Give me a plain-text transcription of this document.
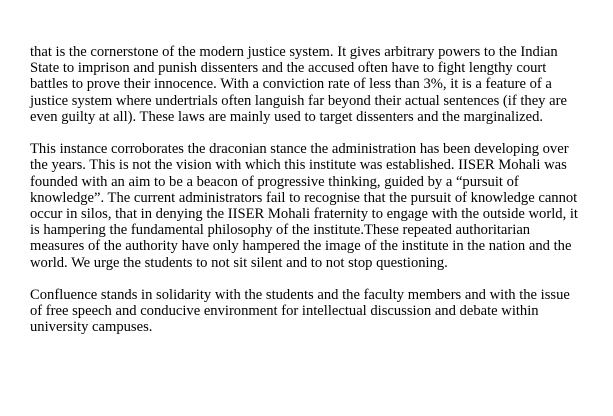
that is the cornerstone of the modern justice system. It gives arbitrary powers to the Indian
State to imprison and punish dissenters and the accused often have to fight lengthy court
battles to prove their innocence. With a conviction rate of less than 3%, it is a feature of a
justice system where undertrials often languish far beyond their actual sentences (if they are
even guilty at all). These laws are mainly used to target dissenters and the marginalized.

This instance corroborates the draconian stance the administration has been developing over
the years. This is not the vision with which this institute was established. IISER Mohali was
founded with an aim to be a beacon of progressive thinking, guided by a “pursuit of
knowledge”. The current administrators fail to recognise that the pursuit of knowledge cannot
occur in silos, that in denying the IISER Mohali fraternity to engage with the outside world, it
is hampering the fundamental philosophy of the institute.These repeated authoritarian
measures of the authority have only hampered the image of the institute in the nation and the
world. We urge the students to not sit silent and to not stop questioning.

Confluence stands in solidarity with the students and the faculty members and with the issue
of free speech and conducive environment for intellectual discussion and debate within
university campuses.
